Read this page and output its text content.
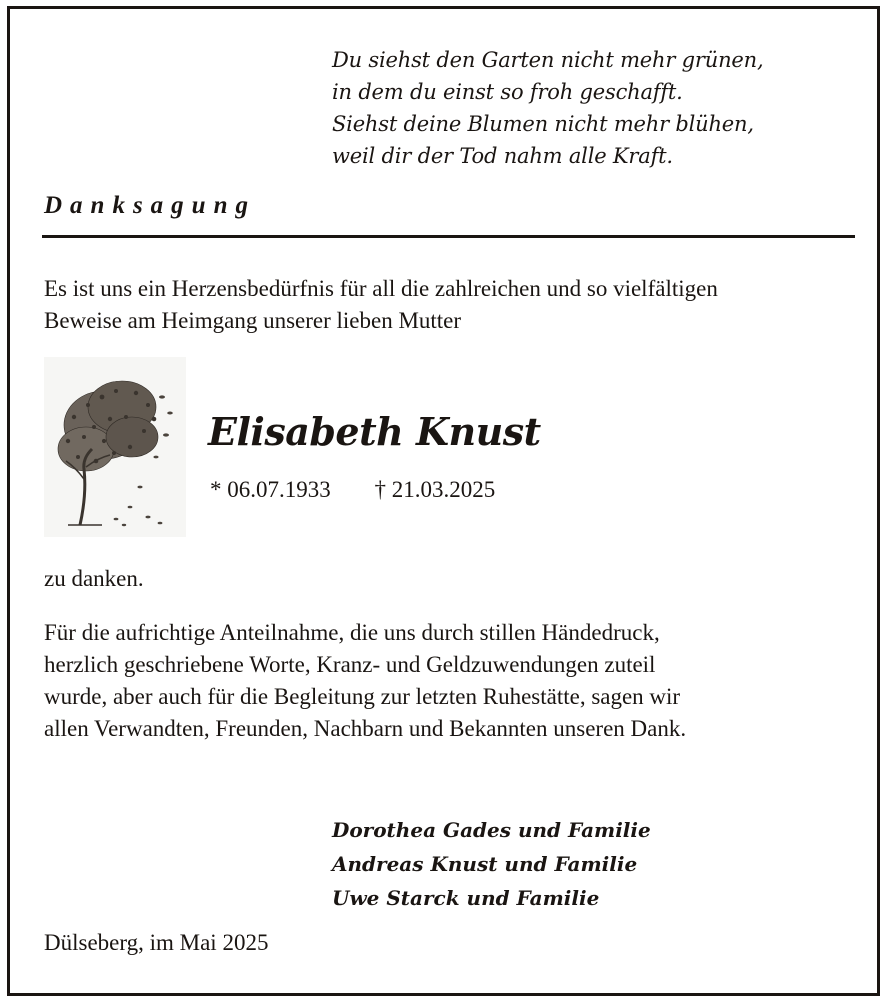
Du siehst den Garten nicht mehr grünen,
in dem du einst so froh geschafft.
Siehst deine Blumen nicht mehr blühen,
weil dir der Tod nahm alle Kraft.
Danksagung
Es ist uns ein Herzensbedürfnis für all die zahlreichen und so vielfältigen
Beweise am Heimgang unserer lieben Mutter
Elisabeth Knust
* 06.07.1933 † 21.03.2025

zu danken.

Für die aufrichtige Anteilnahme, die uns durch stillen Händedruck,
herzlich geschriebene Worte, Kranz- und Geldzuwendungen zuteil
wurde, aber auch für die Begleitung zur letzten Ruhestätte, sagen wir
allen Verwandten, Freunden, Nachbarn und Bekannten unseren Dank.
Dorothea Gades und Familie
Andreas Knust und Familie
Uwe Starck und Familie

Dülseberg, im Mai 2025
